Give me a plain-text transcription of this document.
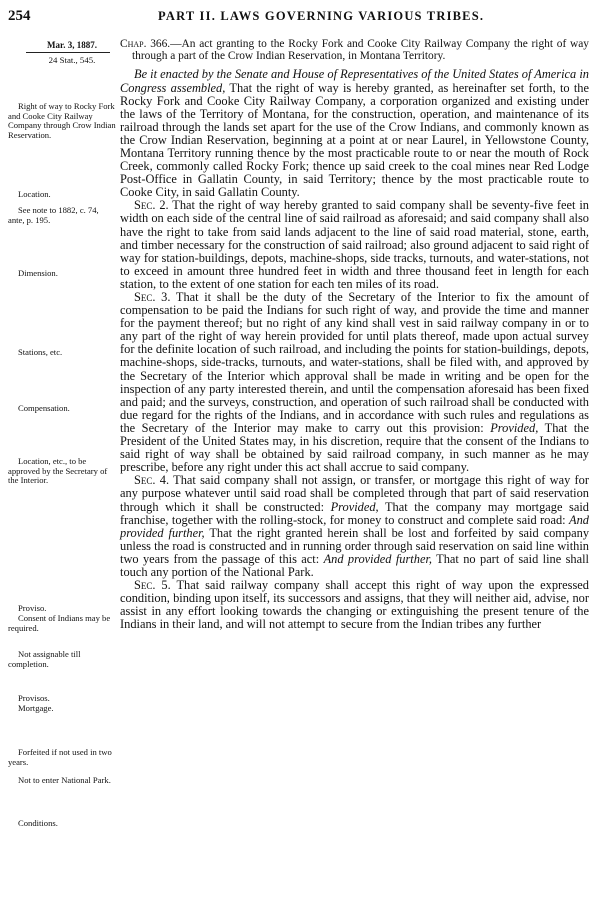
254	PART II. LAWS GOVERNING VARIOUS TRIBES.
Mar. 3, 1887.
24 Stat., 545.
Right of way to Rocky Fork and Cooke City Railway Company through Crow Indian Reservation.
Location.
See note to 1882, c. 74, ante, p. 195.
Dimension.
Stations, etc.
Compensation.
Location, etc., to be approved by the Secretary of the Interior.
Proviso.
Consent of Indians may be required.
Not assignable till completion.
Provisos.
Mortgage.
Forfeited if not used in two years.
Not to enter National Park.
Conditions.

Chap. 366.—An act granting to the Rocky Fork and Cooke City Railway Company the right of way through a part of the Crow Indian Reservation, in Montana Territory.

Be it enacted by the Senate and House of Representatives of the United States of America in Congress assembled, That the right of way is hereby granted, as hereinafter set forth, to the Rocky Fork and Cooke City Railway Company, a corporation organized and existing under the laws of the Territory of Montana, for the construction, operation, and maintenance of its railroad through the lands set apart for the use of the Crow Indians, and commonly known as the Crow Indian Reservation, beginning at a point at or near Laurel, in Yellowstone County, Montana Territory running thence by the most practicable route to or near the mouth of Rock Creek, commonly called Rocky Fork; thence up said creek to the coal mines near Red Lodge Post-Office in Gallatin County, in said Territory; thence by the most practicable route to Cooke City, in said Gallatin County.

Sec. 2. That the right of way hereby granted to said company shall be seventy-five feet in width on each side of the central line of said railroad as aforesaid; and said company shall also have the right to take from said lands adjacent to the line of said road material, stone, earth, and timber necessary for the construction of said railroad; also ground adjacent to said right of way for station-buildings, depots, machine-shops, side tracks, turnouts, and water-stations, not to exceed in amount three hundred feet in width and three thousand feet in length for each station, to the extent of one station for each ten miles of its road.

Sec. 3. That it shall be the duty of the Secretary of the Interior to fix the amount of compensation to be paid the Indians for such right of way, and provide the time and manner for the payment thereof; but no right of any kind shall vest in said railway company in or to any part of the right of way herein provided for until plats thereof, made upon actual survey for the definite location of such railroad, and including the points for station-buildings, depots, machine-shops, side-tracks, turnouts, and water-stations, shall be filed with, and approved by the Secretary of the Interior which approval shall be made in writing and be open for the inspection of any party interested therein, and until the compensation aforesaid has been fixed and paid; and the surveys, construction, and operation of such railroad shall be conducted with due regard for the rights of the Indians, and in accordance with such rules and regulations as the Secretary of the Interior may make to carry out this provision: Provided, That the President of the United States may, in his discretion, require that the consent of the Indians to said right of way shall be obtained by said railroad company, in such manner as he may prescribe, before any right under this act shall accrue to said company.

Sec. 4. That said company shall not assign, or transfer, or mortgage this right of way for any purpose whatever until said road shall be completed through that part of said reservation through which it shall be constructed: Provided, That the company may mortgage said franchise, together with the rolling-stock, for money to construct and complete said road: And provided further, That the right granted herein shall be lost and forfeited by said company unless the road is constructed and in running order through said reservation on said line within two years from the passage of this act: And provided further, That no part of said line shall touch any portion of the National Park.

Sec. 5. That said railway company shall accept this right of way upon the expressed condition, binding upon itself, its successors and assigns, that they will neither aid, advise, nor assist in any effort looking towards the changing or extinguishing the present tenure of the Indians in their land, and will not attempt to secure from the Indian tribes any further
